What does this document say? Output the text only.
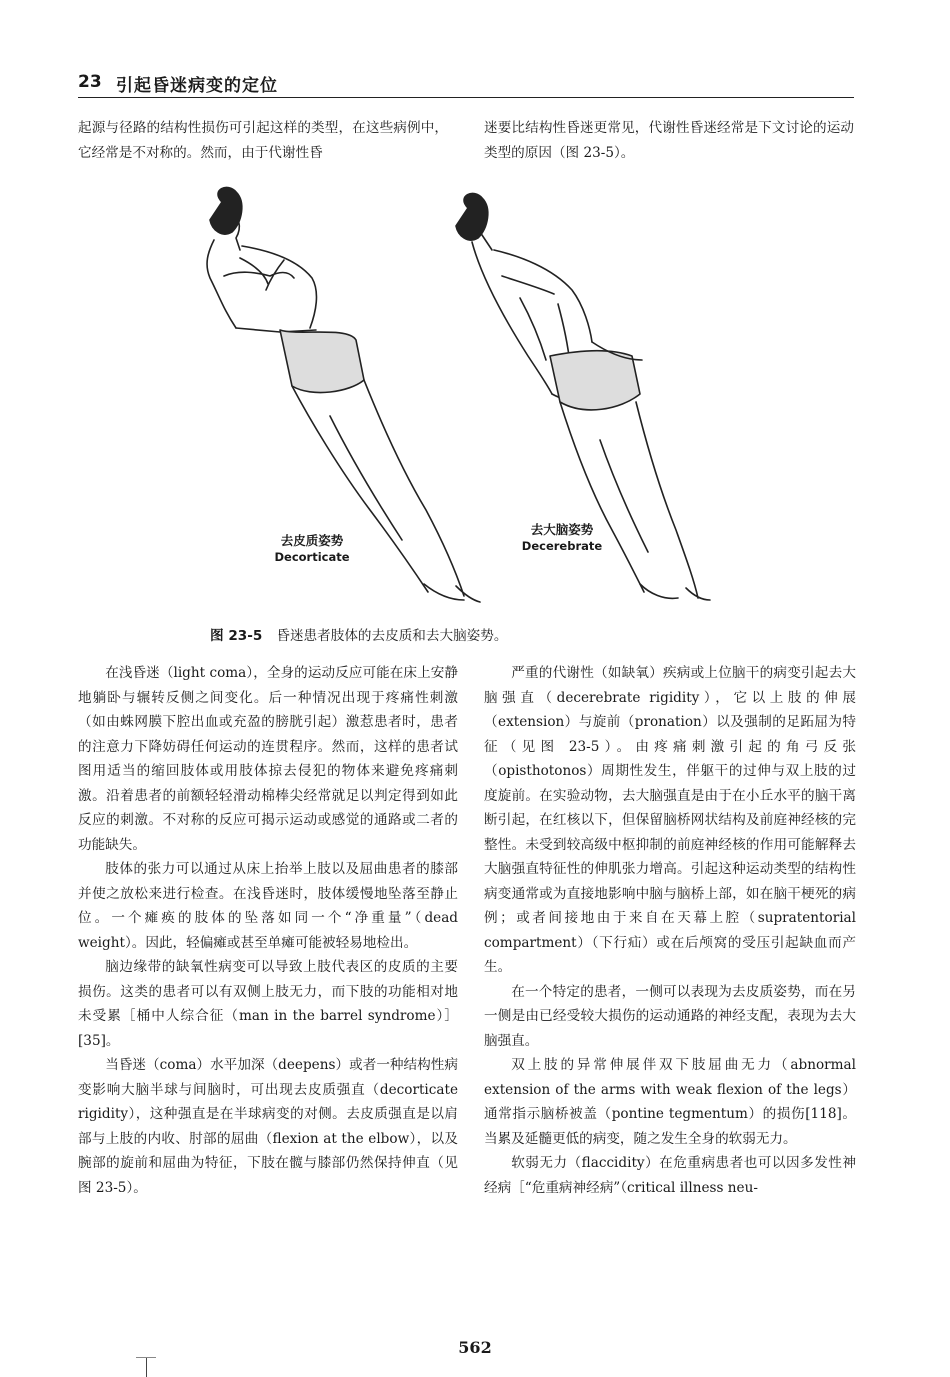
23 引起昏迷病变的定位

起源与径路的结构性损伤可引起这样的类型，在这些病例中，它经常是不对称的。然而，由于代谢性昏

迷要比结构性昏迷更常见，代谢性昏迷经常是下文讨论的运动类型的原因（图 23-5）。

去皮质姿势
Decorticate
去大脑姿势
Decerebrate
图 23-5 昏迷患者肢体的去皮质和去大脑姿势。

在浅昏迷（light coma），全身的运动反应可能在床上安静地躺卧与辗转反侧之间变化。后一种情况出现于疼痛性刺激（如由蛛网膜下腔出血或充盈的膀胱引起）激惹患者时，患者的注意力下降妨碍任何运动的连贯程序。然而，这样的患者试图用适当的缩回肢体或用肢体掠去侵犯的物体来避免疼痛刺激。沿着患者的前额轻轻滑动棉棒尖经常就足以判定得到如此反应的刺激。不对称的反应可揭示运动或感觉的通路或二者的功能缺失。

肢体的张力可以通过从床上抬举上肢以及屈曲患者的膝部并使之放松来进行检查。在浅昏迷时，肢体缓慢地坠落至静止位。一个瘫痪的肢体的坠落如同一个“净重量”（dead weight）。因此，轻偏瘫或甚至单瘫可能被轻易地检出。

脑边缘带的缺氧性病变可以导致上肢代表区的皮质的主要损伤。这类的患者可以有双侧上肢无力，而下肢的功能相对地未受累［桶中人综合征（man in the barrel syndrome）］[35]。

当昏迷（coma）水平加深（deepens）或者一种结构性病变影响大脑半球与间脑时，可出现去皮质强直（decorticate rigidity），这种强直是在半球病变的对侧。去皮质强直是以肩部与上肢的内收、肘部的屈曲（flexion at the elbow），以及腕部的旋前和屈曲为特征，下肢在髋与膝部仍然保持伸直（见图 23-5）。

严重的代谢性（如缺氧）疾病或上位脑干的病变引起去大脑强直（decerebrate rigidity），它以上肢的伸展（extension）与旋前（pronation）以及强制的足跖屈为特征（见图 23-5）。由疼痛刺激引起的角弓反张（opisthotonos）周期性发生，伴躯干的过伸与双上肢的过度旋前。在实验动物，去大脑强直是由于在小丘水平的脑干离断引起，在红核以下，但保留脑桥网状结构及前庭神经核的完整性。未受到较高级中枢抑制的前庭神经核的作用可能解释去大脑强直特征性的伸肌张力增高。引起这种运动类型的结构性病变通常或为直接地影响中脑与脑桥上部，如在脑干梗死的病例；或者间接地由于来自在天幕上腔（supratentorial compartment）（下行疝）或在后颅窝的受压引起缺血而产生。

在一个特定的患者，一侧可以表现为去皮质姿势，而在另一侧是由已经受较大损伤的运动通路的神经支配，表现为去大脑强直。

双上肢的异常伸展伴双下肢屈曲无力（abnormal extension of the arms with weak flexion of the legs）通常指示脑桥被盖（pontine tegmentum）的损伤[118]。当累及延髓更低的病变，随之发生全身的软弱无力。

软弱无力（flaccidity）在危重病患者也可以因多发性神经病［“危重病神经病”（critical illness neu-

562
